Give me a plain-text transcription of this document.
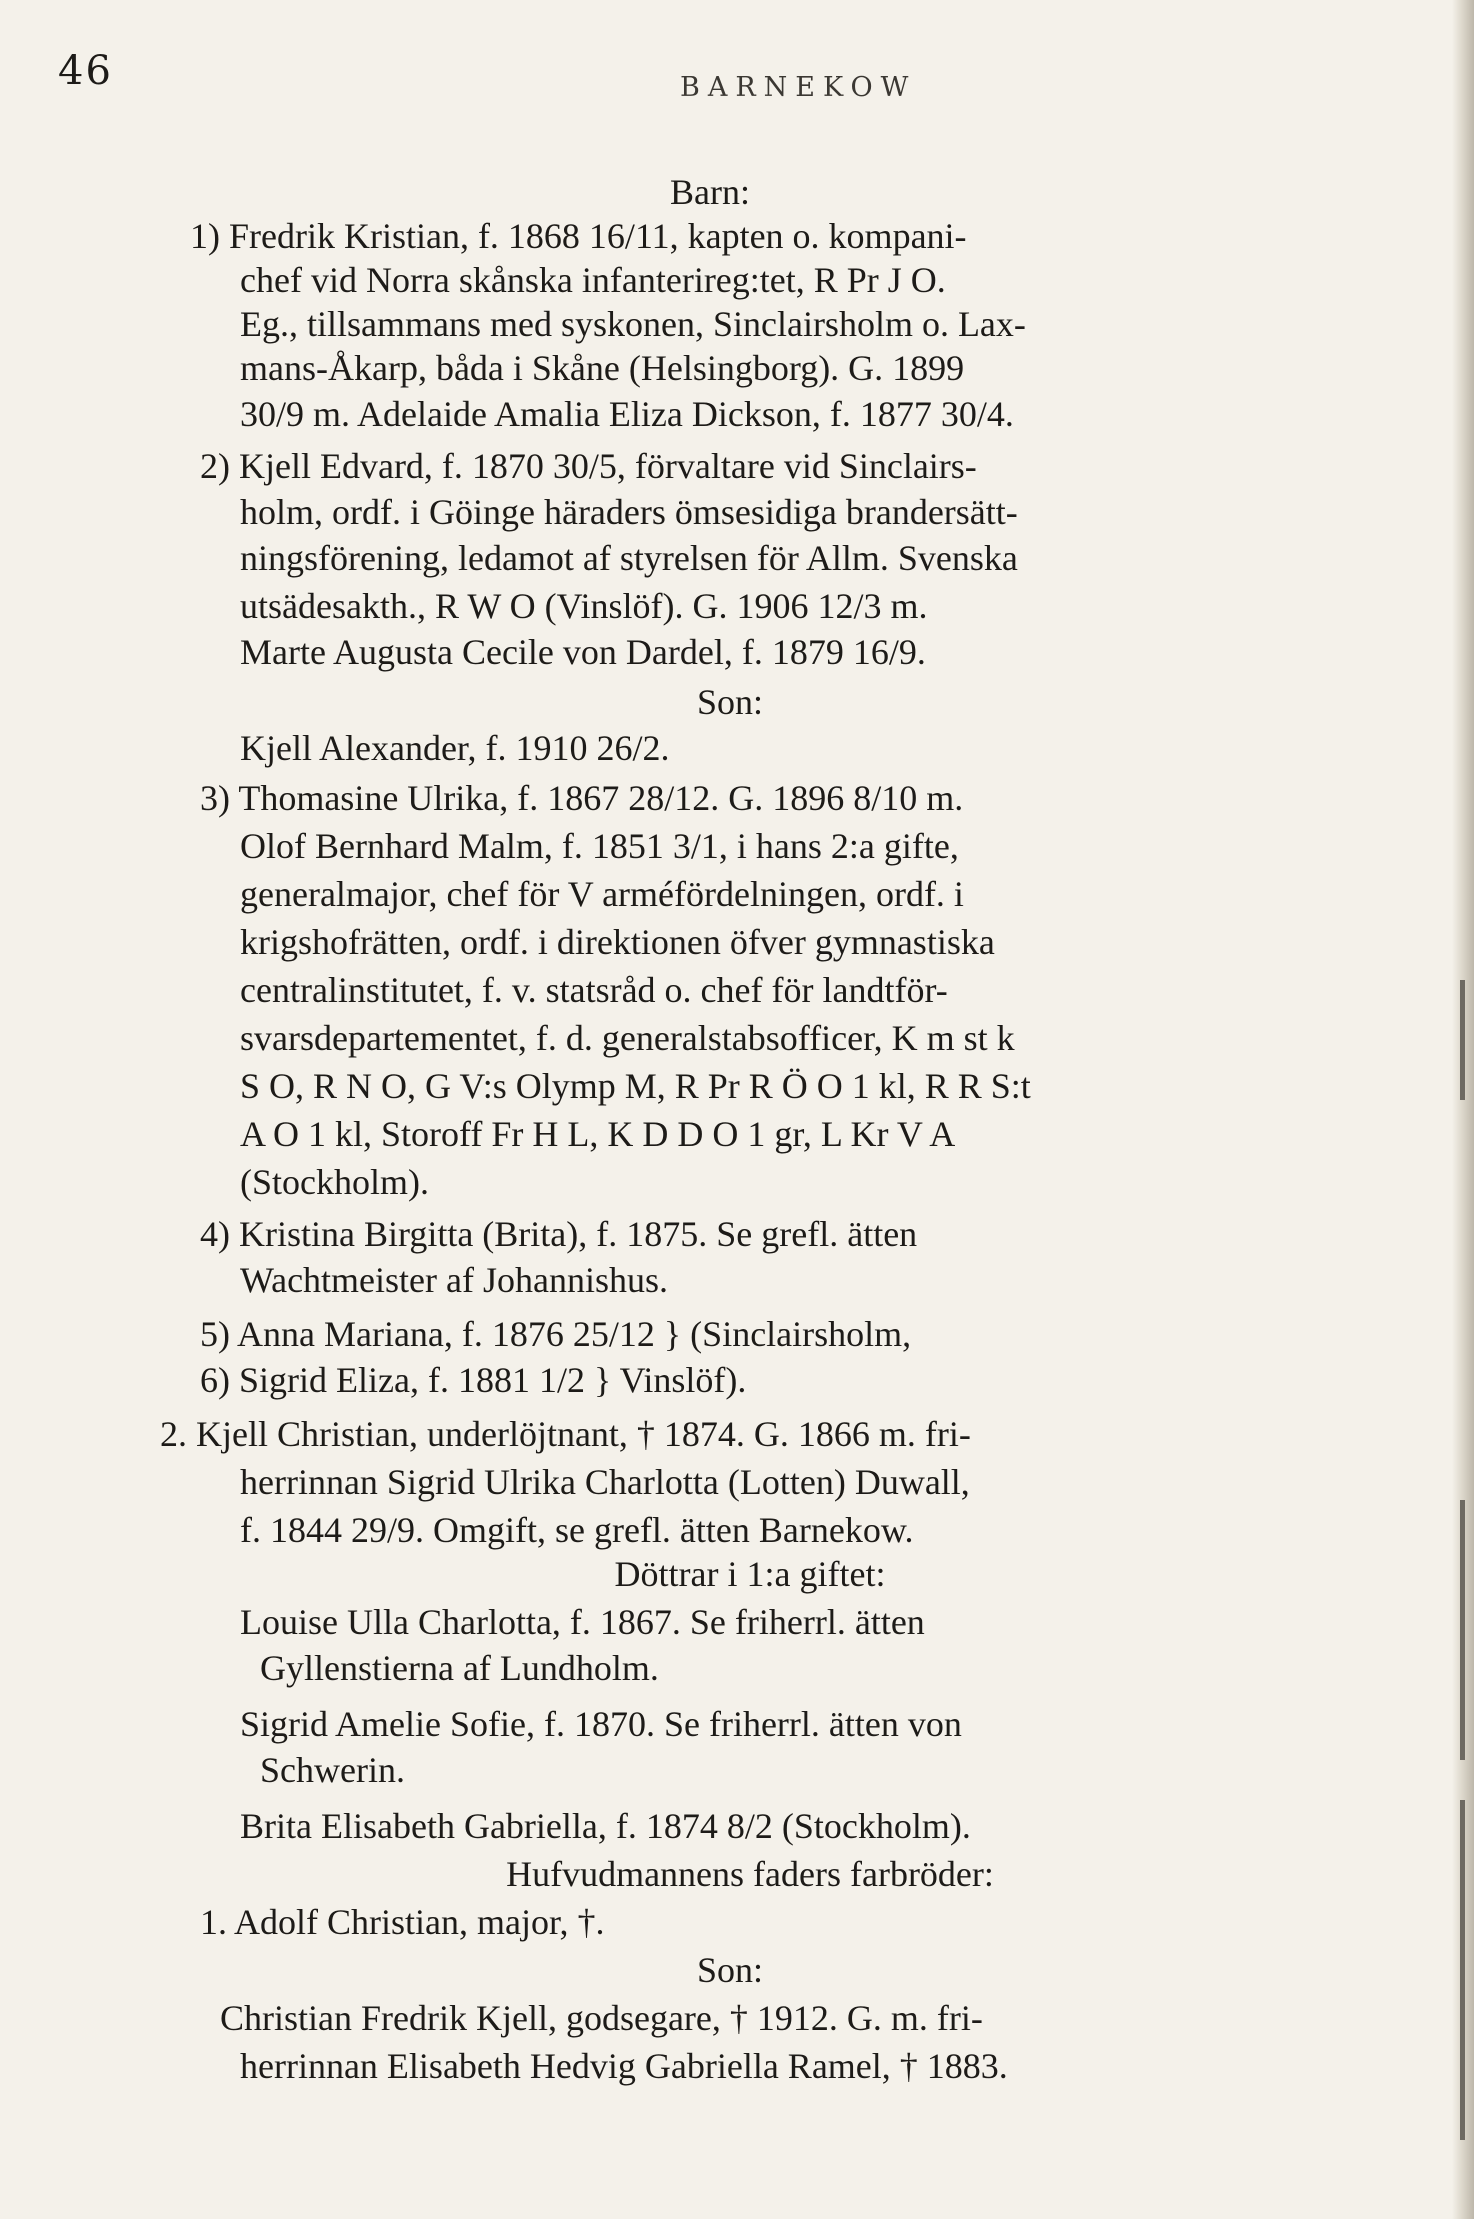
46	BARNEKOW
Barn:
1) Fredrik Kristian, f. 1868 16/11, kapten o. kompani-
chef vid Norra skånska infanterireg:tet, R Pr J O.
Eg., tillsammans med syskonen, Sinclairsholm o. Lax-
mans-Åkarp, båda i Skåne (Helsingborg). G. 1899
30/9 m. Adelaide Amalia Eliza Dickson, f. 1877 30/4.
2) Kjell Edvard, f. 1870 30/5, förvaltare vid Sinclairs-
holm, ordf. i Göinge häraders ömsesidiga brandersätt-
ningsförening, ledamot af styrelsen för Allm. Svenska
utsädesakth., R W O (Vinslöf). G. 1906 12/3 m.
Marte Augusta Cecile von Dardel, f. 1879 16/9.
Son:
Kjell Alexander, f. 1910 26/2.
3) Thomasine Ulrika, f. 1867 28/12. G. 1896 8/10 m.
Olof Bernhard Malm, f. 1851 3/1, i hans 2:a gifte,
generalmajor, chef för V arméfördelningen, ordf. i
krigshofrätten, ordf. i direktionen öfver gymnastiska
centralinstitutet, f. v. statsråd o. chef för landtför-
svarsdepartementet, f. d. generalstabsofficer, K m st k
S O, R N O, G V:s Olymp M, R Pr R Ö O 1 kl, R R S:t
A O 1 kl, Storoff Fr H L, K D D O 1 gr, L Kr V A
(Stockholm).
4) Kristina Birgitta (Brita), f. 1875. Se grefl. ätten
Wachtmeister af Johannishus.
5) Anna Mariana, f. 1876 25/12 } (Sinclairsholm,
6) Sigrid Eliza, f. 1881 1/2 } Vinslöf).
2. Kjell Christian, underlöjtnant, † 1874. G. 1866 m. fri-
herrinnan Sigrid Ulrika Charlotta (Lotten) Duwall,
f. 1844 29/9. Omgift, se grefl. ätten Barnekow.
Döttrar i 1:a giftet:
Louise Ulla Charlotta, f. 1867. Se friherrl. ätten
Gyllenstierna af Lundholm.
Sigrid Amelie Sofie, f. 1870. Se friherrl. ätten von
Schwerin.
Brita Elisabeth Gabriella, f. 1874 8/2 (Stockholm).
Hufvudmannens faders farbröder:
1. Adolf Christian, major, †.
Son:
Christian Fredrik Kjell, godsegare, † 1912. G. m. fri-
herrinnan Elisabeth Hedvig Gabriella Ramel, † 1883.
